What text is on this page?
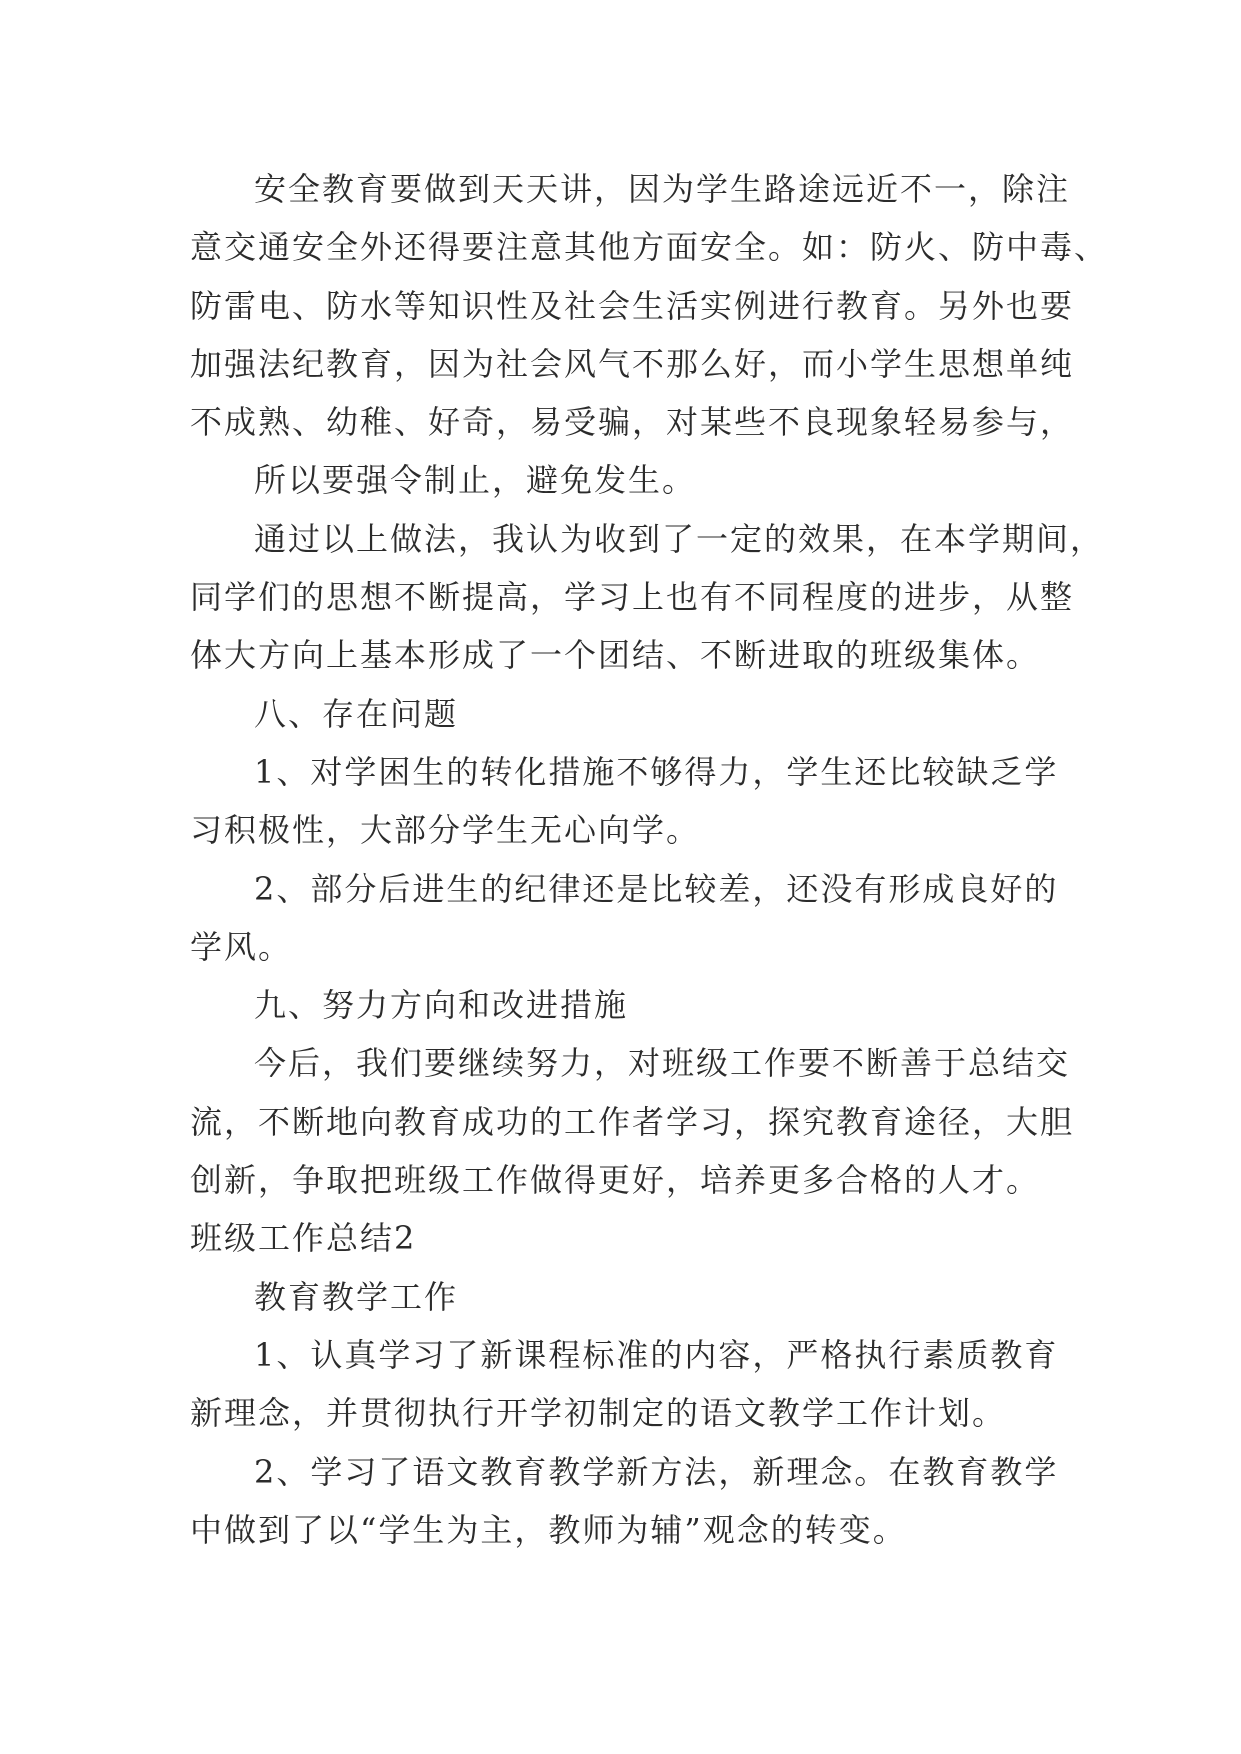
安全教育要做到天天讲，因为学生路途远近不一，除注
意交通安全外还得要注意其他方面安全。如：防火、防中毒、
防雷电、防水等知识性及社会生活实例进行教育。另外也要
加强法纪教育，因为社会风气不那么好，而小学生思想单纯
不成熟、幼稚、好奇，易受骗，对某些不良现象轻易参与，
所以要强令制止，避免发生。
通过以上做法，我认为收到了一定的效果，在本学期间，
同学们的思想不断提高，学习上也有不同程度的进步，从整
体大方向上基本形成了一个团结、不断进取的班级集体。
八、存在问题
1、对学困生的转化措施不够得力，学生还比较缺乏学
习积极性，大部分学生无心向学。
2、部分后进生的纪律还是比较差，还没有形成良好的
学风。
九、努力方向和改进措施
今后，我们要继续努力，对班级工作要不断善于总结交
流，不断地向教育成功的工作者学习，探究教育途径，大胆
创新，争取把班级工作做得更好，培养更多合格的人才。
班级工作总结2
教育教学工作
1、认真学习了新课程标准的内容，严格执行素质教育
新理念，并贯彻执行开学初制定的语文教学工作计划。
2、学习了语文教育教学新方法，新理念。在教育教学
中做到了以“学生为主，教师为辅”观念的转变。
